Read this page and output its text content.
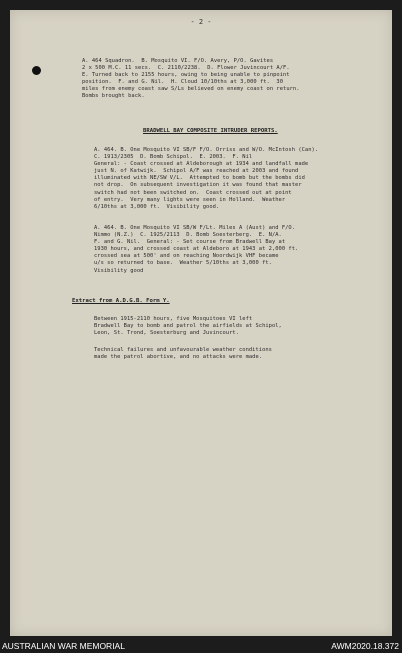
- 2 -
A. 464 Squadron.  B. Mosquito VI. F/O. Avery, P/O. Gavites
2 x 500 M.C. 11 secs.  C. 2110/2238.  D. Flower Juvincourt A/F.
E. Turned back to 2155 hours, owing to being unable to pinpoint
position.  F. and G. Nil.  H. Cloud 10/10ths at 3,000 ft.  30
miles from enemy coast saw S/Ls believed on enemy coast on return.
Bombs brought back.
BRADWELL BAY COMPOSITE INTRUDER REPORTS.
A. 464. B. One Mosquito VI SB/F F/O. Orriss and W/O. McIntosh (Can).
C. 1913/2305  D. Bomb Schipol.  E. 2003.  F. Nil
General: - Coast crossed at Aldeborough at 1934 and landfall made
just N. of Katwijk.  Schipol A/F was reached at 2003 and found
illuminated with NE/SW V/L.  Attempted to bomb but the bombs did
not drop.  On subsequent investigation it was found that master
switch had not been switched on.  Coast crossed out at point
of entry.  Very many lights were seen in Holland.  Weather
6/10ths at 3,000 ft.  Visibility good.
A. 464. B. One Mosquito VI SB/W F/Lt. Miles A (Aust) and F/O.
Nimmo (N.Z.)  C. 1925/2113  D. Bomb Soesterberg.  E. N/A.
F. and G. Nil.  General: - Set course from Bradwell Bay at
1930 hours, and crossed coast at Aldeboro at 1943 at 2,000 ft.
crossed sea at 500' and on reaching Noordwijk VHF became
u/s so returned to base.  Weather 5/10ths at 3,000 ft.
Visibility good
Extract from A.D.G.B. Form Y.
Between 1915-2110 hours, five Mosquitoes VI left
Bradwell Bay to bomb and patrol the airfields at Schipol,
Leon, St. Trond, Soesterburg and Juvincourt.
Technical failures and unfavourable weather conditions
made the patrol abortive, and no attacks were made.
AUSTRALIAN WAR MEMORIAL	AWM2020.18.372
